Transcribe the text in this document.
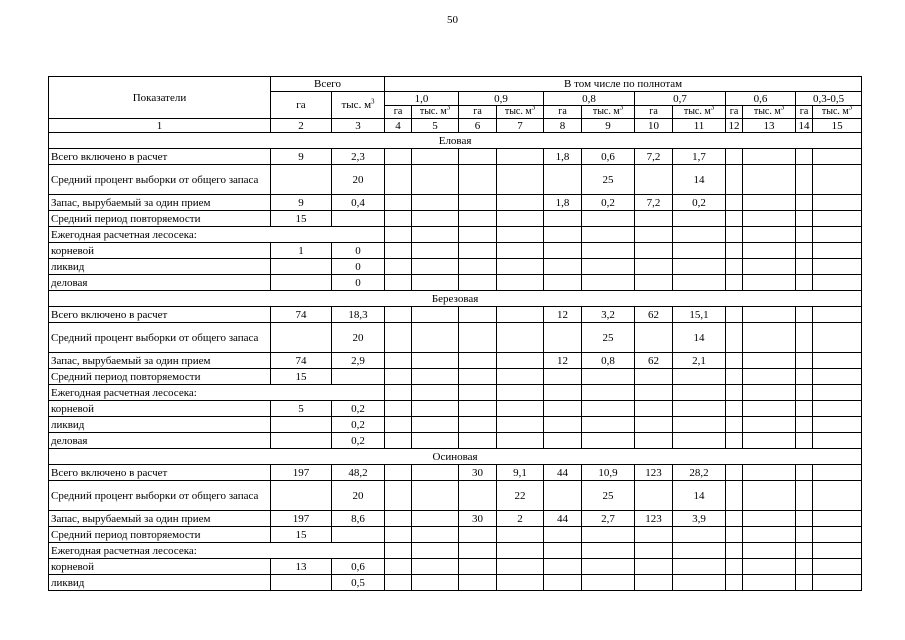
50
Показатели	Всего		В том числе по полнотам											
	га	тыс. $м^3$	1,0		0,9		0,8		0,7		0,6		0,3-0,5	
			га	тыс. $м^3$	га	тыс. $м^3$	га	тыс. $м^3$	га	тыс. $м^3$	га	тыс. $м^3$	га	тыс. $м^3$
1	2	3	4	5	6	7	8	9	10	11	12	13	14	15
Еловая														
Всего включено в расчет	9	2,3					1,8	0,6	7,2	1,7				
Средний процент выборки от общего запаса		20						25		14				
Запас, вырубаемый за один прием	9	0,4					1,8	0,2	7,2	0,2				
Средний период повторяемости	15													
Ежегодная расчетная лесосека:														
корневой	1	0												
ликвид		0												
деловая		0												
Березовая														
Всего включено в расчет	74	18,3					12	3,2	62	15,1				
Средний процент выборки от общего запаса		20						25		14				
Запас, вырубаемый за один прием	74	2,9					12	0,8	62	2,1				
Средний период повторяемости	15													
Ежегодная расчетная лесосека:														
корневой	5	0,2												
ликвид		0,2												
деловая		0,2												
Осиновая														
Всего включено в расчет	197	48,2			30	9,1	44	10,9	123	28,2				
Средний процент выборки от общего запаса		20				22		25		14				
Запас, вырубаемый за один прием	197	8,6			30	2	44	2,7	123	3,9				
Средний период повторяемости	15													
Ежегодная расчетная лесосека:														
корневой	13	0,6												
ликвид		0,5												
